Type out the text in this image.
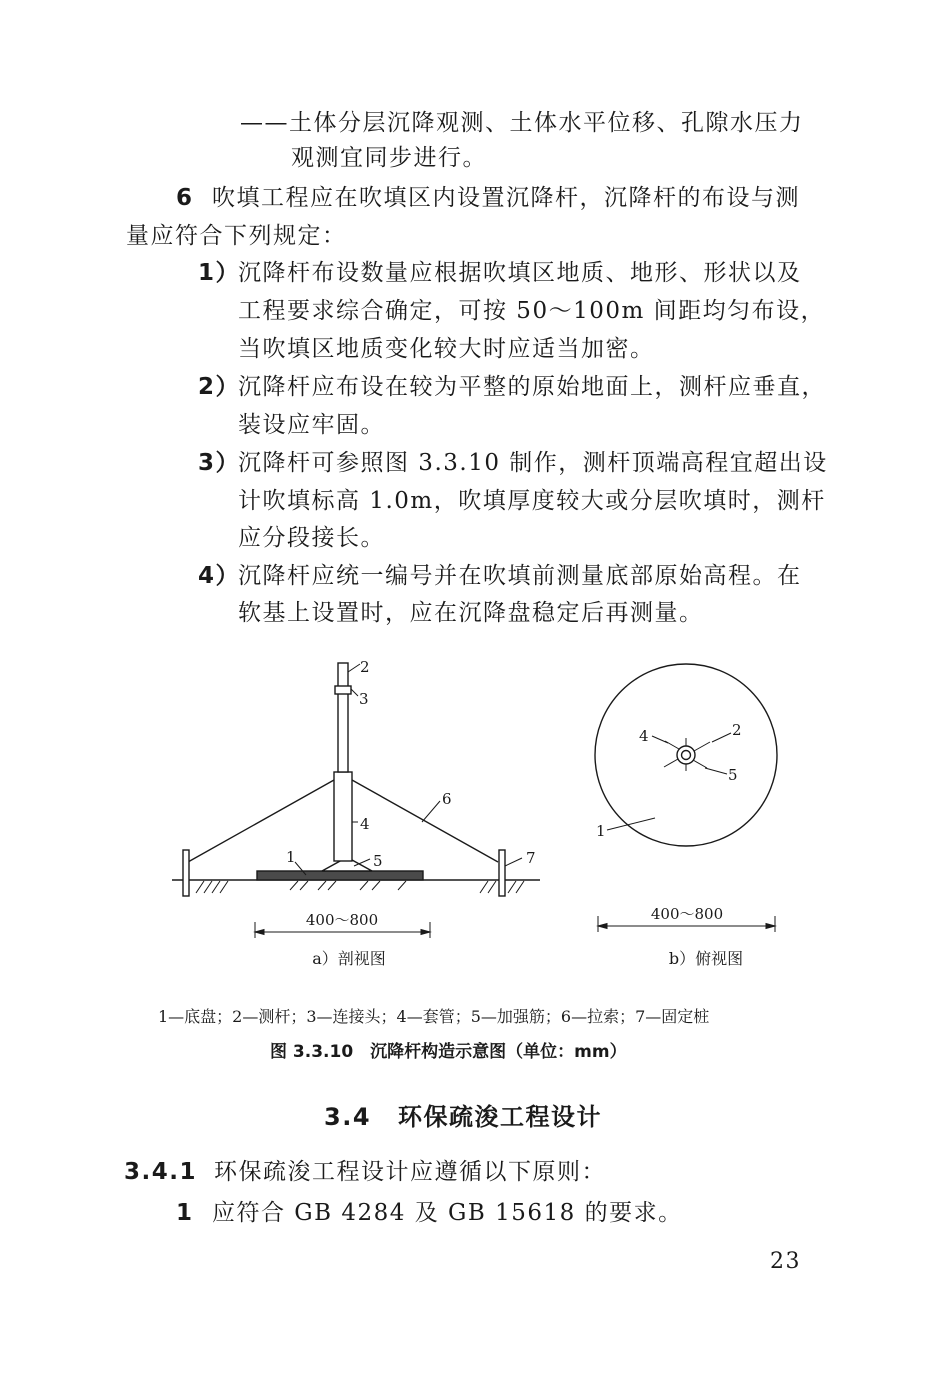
——土体分层沉降观测、土体水平位移、孔隙水压力
观测宜同步进行。
6 吹填工程应在吹填区内设置沉降杆，沉降杆的布设与测
量应符合下列规定：
1）
沉降杆布设数量应根据吹填区地质、地形、形状以及
工程要求综合确定，可按 50～100m 间距均匀布设，
当吹填区地质变化较大时应适当加密。
2）
沉降杆应布设在较为平整的原始地面上，测杆应垂直，
装设应牢固。
3）
沉降杆可参照图 3.3.10 制作，测杆顶端高程宜超出设
计吹填标高 1.0m，吹填厚度较大或分层吹填时，测杆
应分段接长。
4）
沉降杆应统一编号并在吹填前测量底部原始高程。在
软基上设置时，应在沉降盘稳定后再测量。
1
2
3
4
5
6
7
400～800
a）剖视图
1
2
4
5
400～800
b）俯视图
1—底盘；2—测杆；3—连接头；4—套管；5—加强筋；6—拉索；7—固定桩
图 3.3.10　沉降杆构造示意图（单位：mm）
3.4 环保疏浚工程设计
3.4.1 环保疏浚工程设计应遵循以下原则：
1 应符合 GB 4284 及 GB 15618 的要求。
23
